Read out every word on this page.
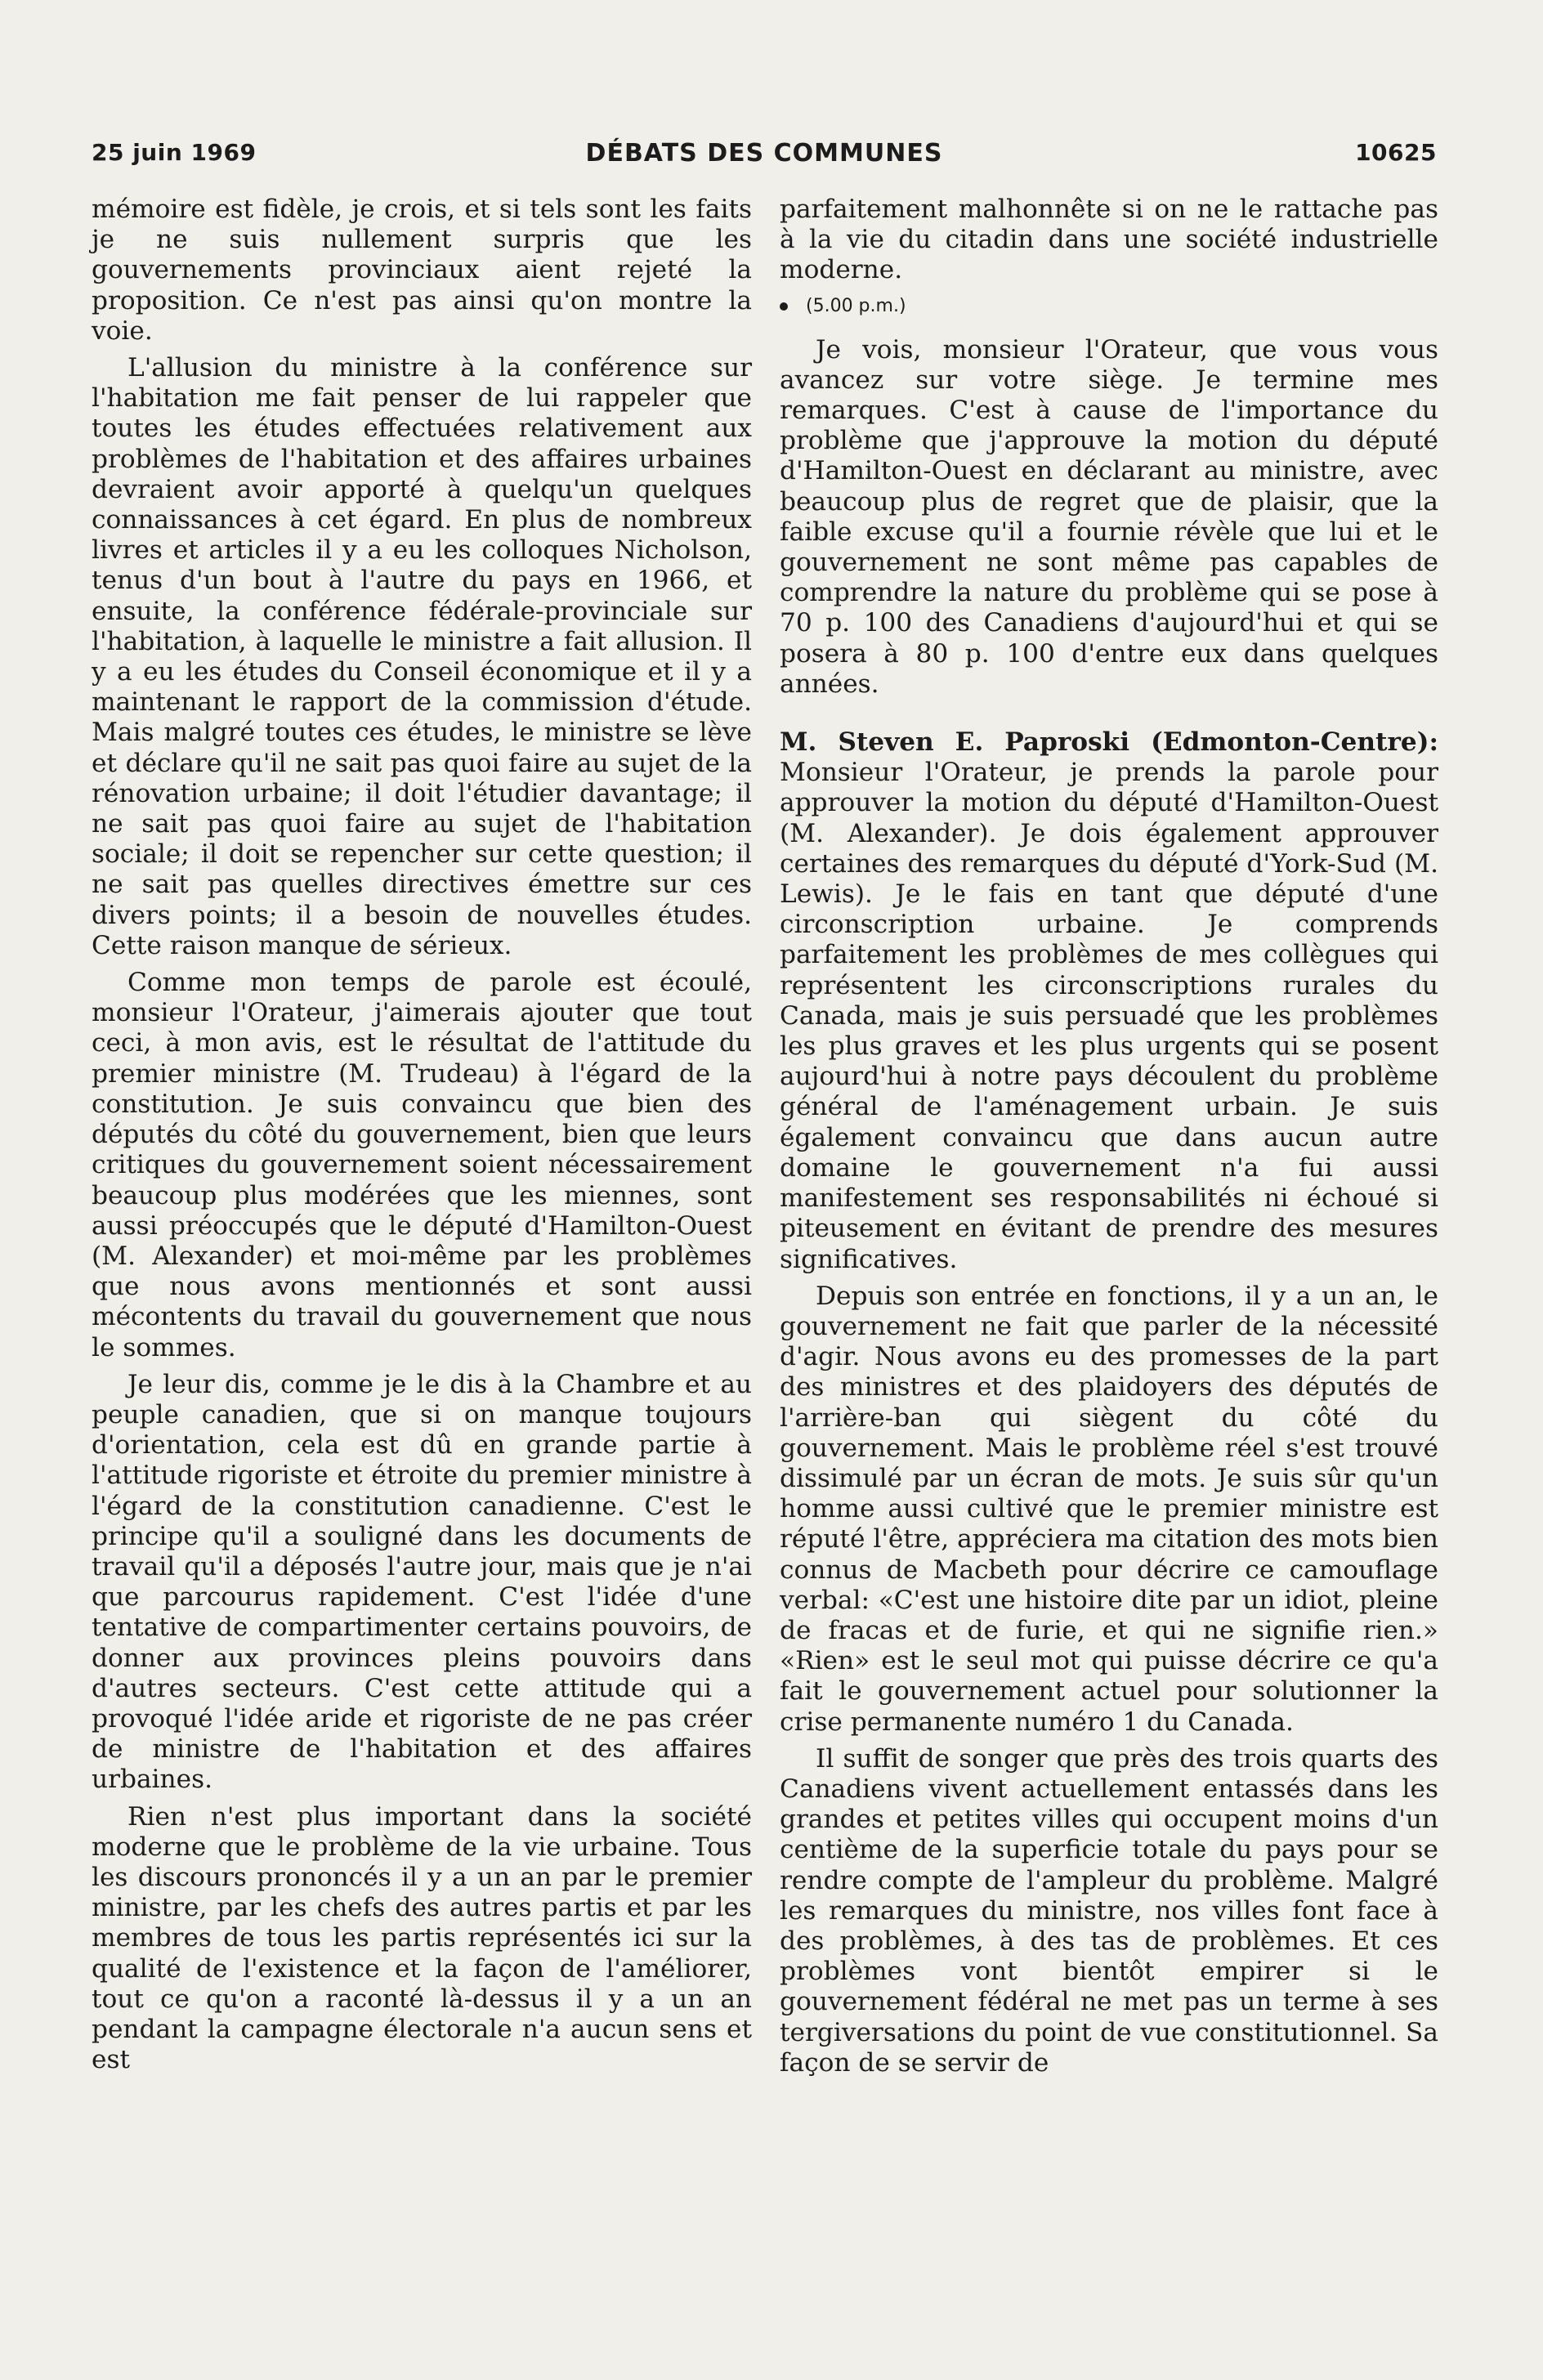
25 juin 1969	DÉBATS DES COMMUNES	10625

mémoire est fidèle, je crois, et si tels sont les faits je ne suis nullement surpris que les gouvernements provinciaux aient rejeté la proposition. Ce n'est pas ainsi qu'on montre la voie.

L'allusion du ministre à la conférence sur l'habitation me fait penser de lui rappeler que toutes les études effectuées relativement aux problèmes de l'habitation et des affaires urbaines devraient avoir apporté à quelqu'un quelques connaissances à cet égard. En plus de nombreux livres et articles il y a eu les colloques Nicholson, tenus d'un bout à l'autre du pays en 1966, et ensuite, la conférence fédérale-provinciale sur l'habitation, à laquelle le ministre a fait allusion. Il y a eu les études du Conseil économique et il y a maintenant le rapport de la commission d'étude. Mais malgré toutes ces études, le ministre se lève et déclare qu'il ne sait pas quoi faire au sujet de la rénovation urbaine; il doit l'étudier davantage; il ne sait pas quoi faire au sujet de l'habitation sociale; il doit se repencher sur cette question; il ne sait pas quelles directives émettre sur ces divers points; il a besoin de nouvelles études. Cette raison manque de sérieux.

Comme mon temps de parole est écoulé, monsieur l'Orateur, j'aimerais ajouter que tout ceci, à mon avis, est le résultat de l'attitude du premier ministre (M. Trudeau) à l'égard de la constitution. Je suis convaincu que bien des députés du côté du gouvernement, bien que leurs critiques du gouvernement soient nécessairement beaucoup plus modérées que les miennes, sont aussi préoccupés que le député d'Hamilton-Ouest (M. Alexander) et moi-même par les problèmes que nous avons mentionnés et sont aussi mécontents du travail du gouvernement que nous le sommes.

Je leur dis, comme je le dis à la Chambre et au peuple canadien, que si on manque toujours d'orientation, cela est dû en grande partie à l'attitude rigoriste et étroite du premier ministre à l'égard de la constitution canadienne. C'est le principe qu'il a souligné dans les documents de travail qu'il a déposés l'autre jour, mais que je n'ai que parcourus rapidement. C'est l'idée d'une tentative de compartimenter certains pouvoirs, de donner aux provinces pleins pouvoirs dans d'autres secteurs. C'est cette attitude qui a provoqué l'idée aride et rigoriste de ne pas créer de ministre de l'habitation et des affaires urbaines.

Rien n'est plus important dans la société moderne que le problème de la vie urbaine. Tous les discours prononcés il y a un an par le premier ministre, par les chefs des autres partis et par les membres de tous les partis représentés ici sur la qualité de l'existence et la façon de l'améliorer, tout ce qu'on a raconté là-dessus il y a un an pendant la campagne électorale n'a aucun sens et est

parfaitement malhonnête si on ne le rattache pas à la vie du citadin dans une société industrielle moderne.

(5.00 p.m.)

Je vois, monsieur l'Orateur, que vous vous avancez sur votre siège. Je termine mes remarques. C'est à cause de l'importance du problème que j'approuve la motion du député d'Hamilton-Ouest en déclarant au ministre, avec beaucoup plus de regret que de plaisir, que la faible excuse qu'il a fournie révèle que lui et le gouvernement ne sont même pas capables de comprendre la nature du problème qui se pose à 70 p. 100 des Canadiens d'aujourd'hui et qui se posera à 80 p. 100 d'entre eux dans quelques années.

M. Steven E. Paproski (Edmonton-Centre): Monsieur l'Orateur, je prends la parole pour approuver la motion du député d'Hamilton-Ouest (M. Alexander). Je dois également approuver certaines des remarques du député d'York-Sud (M. Lewis). Je le fais en tant que député d'une circonscription urbaine. Je comprends parfaitement les problèmes de mes collègues qui représentent les circonscriptions rurales du Canada, mais je suis persuadé que les problèmes les plus graves et les plus urgents qui se posent aujourd'hui à notre pays découlent du problème général de l'aménagement urbain. Je suis également convaincu que dans aucun autre domaine le gouvernement n'a fui aussi manifestement ses responsabilités ni échoué si piteusement en évitant de prendre des mesures significatives.

Depuis son entrée en fonctions, il y a un an, le gouvernement ne fait que parler de la nécessité d'agir. Nous avons eu des promesses de la part des ministres et des plaidoyers des députés de l'arrière-ban qui siègent du côté du gouvernement. Mais le problème réel s'est trouvé dissimulé par un écran de mots. Je suis sûr qu'un homme aussi cultivé que le premier ministre est réputé l'être, appréciera ma citation des mots bien connus de Macbeth pour décrire ce camouflage verbal: «C'est une histoire dite par un idiot, pleine de fracas et de furie, et qui ne signifie rien.» «Rien» est le seul mot qui puisse décrire ce qu'a fait le gouvernement actuel pour solutionner la crise permanente numéro 1 du Canada.

Il suffit de songer que près des trois quarts des Canadiens vivent actuellement entassés dans les grandes et petites villes qui occupent moins d'un centième de la superficie totale du pays pour se rendre compte de l'ampleur du problème. Malgré les remarques du ministre, nos villes font face à des problèmes, à des tas de problèmes. Et ces problèmes vont bientôt empirer si le gouvernement fédéral ne met pas un terme à ses tergiversations du point de vue constitutionnel. Sa façon de se servir de
